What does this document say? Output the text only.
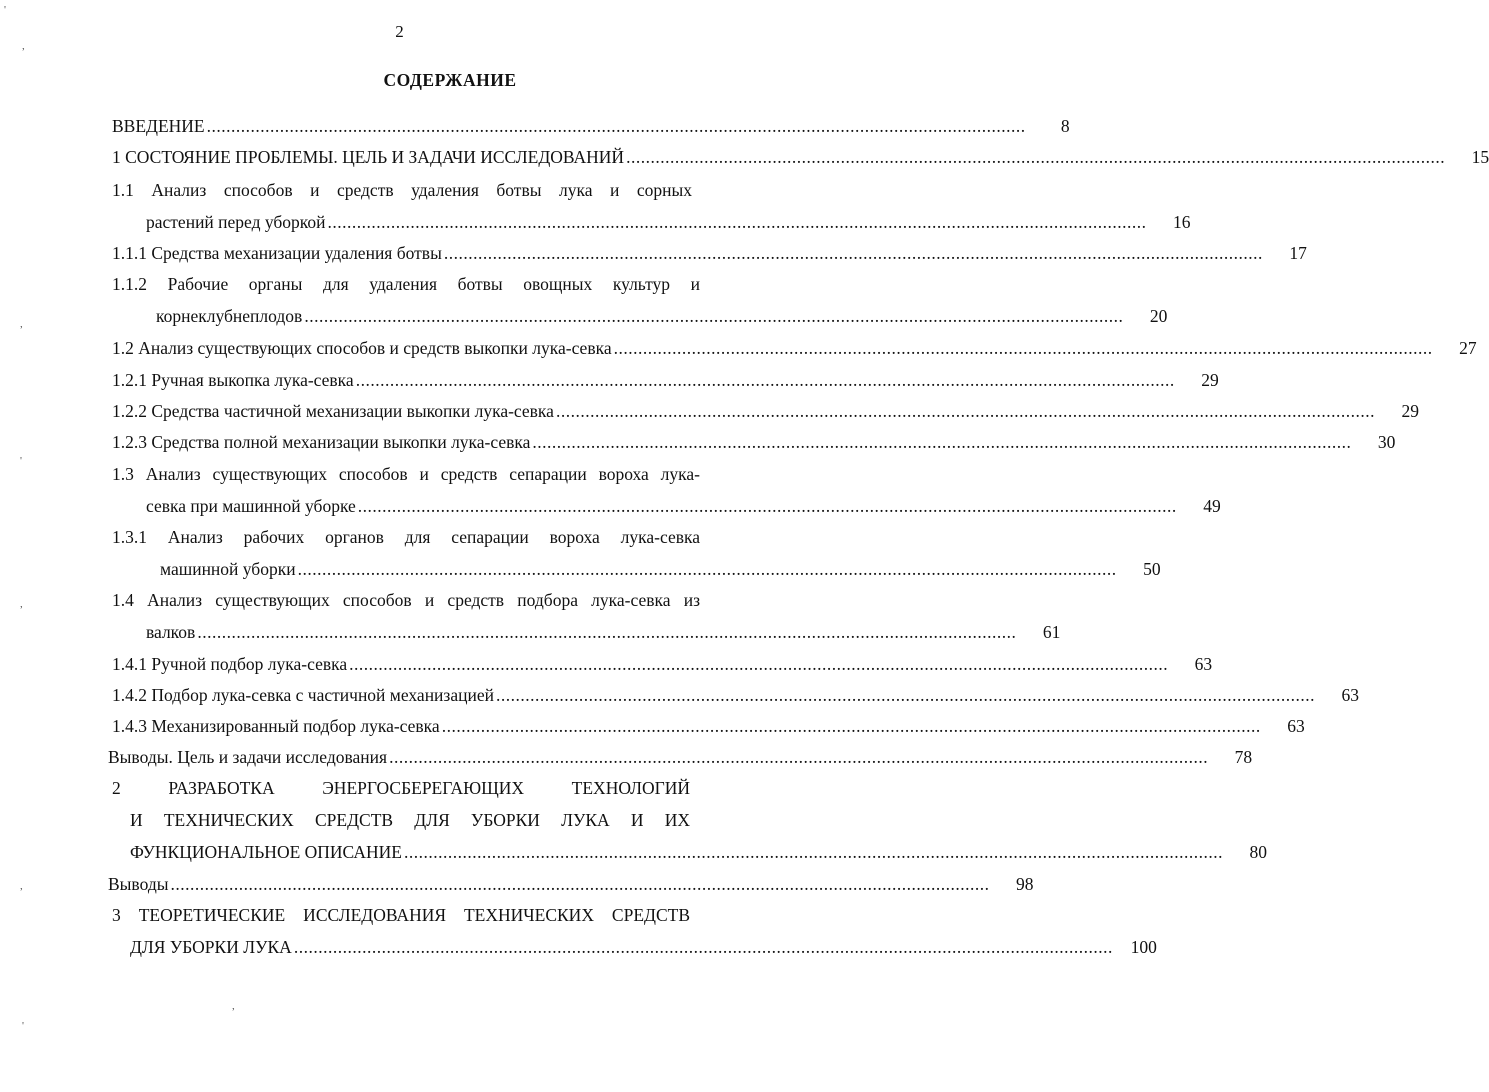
2
СОДЕРЖАНИЕ
ВВЕДЕНИЕ ........................................................................................................................................................................	8
1 СОСТОЯНИЕ ПРОБЛЕМЫ. ЦЕЛЬ И ЗАДАЧИ ИССЛЕДОВАНИЙ ........................................................................................................................................................................	15
1.1 Анализ способов и средств удаления ботвы лука и сорных
растений перед уборкой ........................................................................................................................................................................	16
1.1.1 Средства механизации удаления ботвы ........................................................................................................................................................................	17
1.1.2 Рабочие органы для удаления ботвы овощных культур и
корнеклубнеплодов ........................................................................................................................................................................	20
1.2 Анализ существующих способов и средств выкопки лука-севка ........................................................................................................................................................................	27
1.2.1 Ручная выкопка лука-севка ........................................................................................................................................................................	29
1.2.2 Средства частичной механизации выкопки лука-севка ........................................................................................................................................................................	29
1.2.3 Средства полной механизации выкопки лука-севка ........................................................................................................................................................................	30
1.3 Анализ существующих способов и средств сепарации вороха лука-
севка при машинной уборке ........................................................................................................................................................................	49
1.3.1 Анализ рабочих органов для сепарации вороха лука-севка
машинной уборки ........................................................................................................................................................................	50
1.4 Анализ существующих способов и средств подбора лука-севка из
валков ........................................................................................................................................................................	61
1.4.1 Ручной подбор лука-севка ........................................................................................................................................................................	63
1.4.2 Подбор лука-севка с частичной механизацией ........................................................................................................................................................................	63
1.4.3 Механизированный подбор лука-севка ........................................................................................................................................................................	63
Выводы. Цель и задачи исследования ........................................................................................................................................................................	78
2 РАЗРАБОТКА ЭНЕРГОСБЕРЕГАЮЩИХ ТЕХНОЛОГИЙ
И ТЕХНИЧЕСКИХ СРЕДСТВ ДЛЯ УБОРКИ ЛУКА И ИХ
ФУНКЦИОНАЛЬНОЕ ОПИСАНИЕ ........................................................................................................................................................................	80
Выводы ........................................................................................................................................................................	98
3 ТЕОРЕТИЧЕСКИЕ ИССЛЕДОВАНИЯ ТЕХНИЧЕСКИХ СРЕДСТВ
ДЛЯ УБОРКИ ЛУКА ........................................................................................................................................................................	100
'
,
,
'
,
,
'
,
